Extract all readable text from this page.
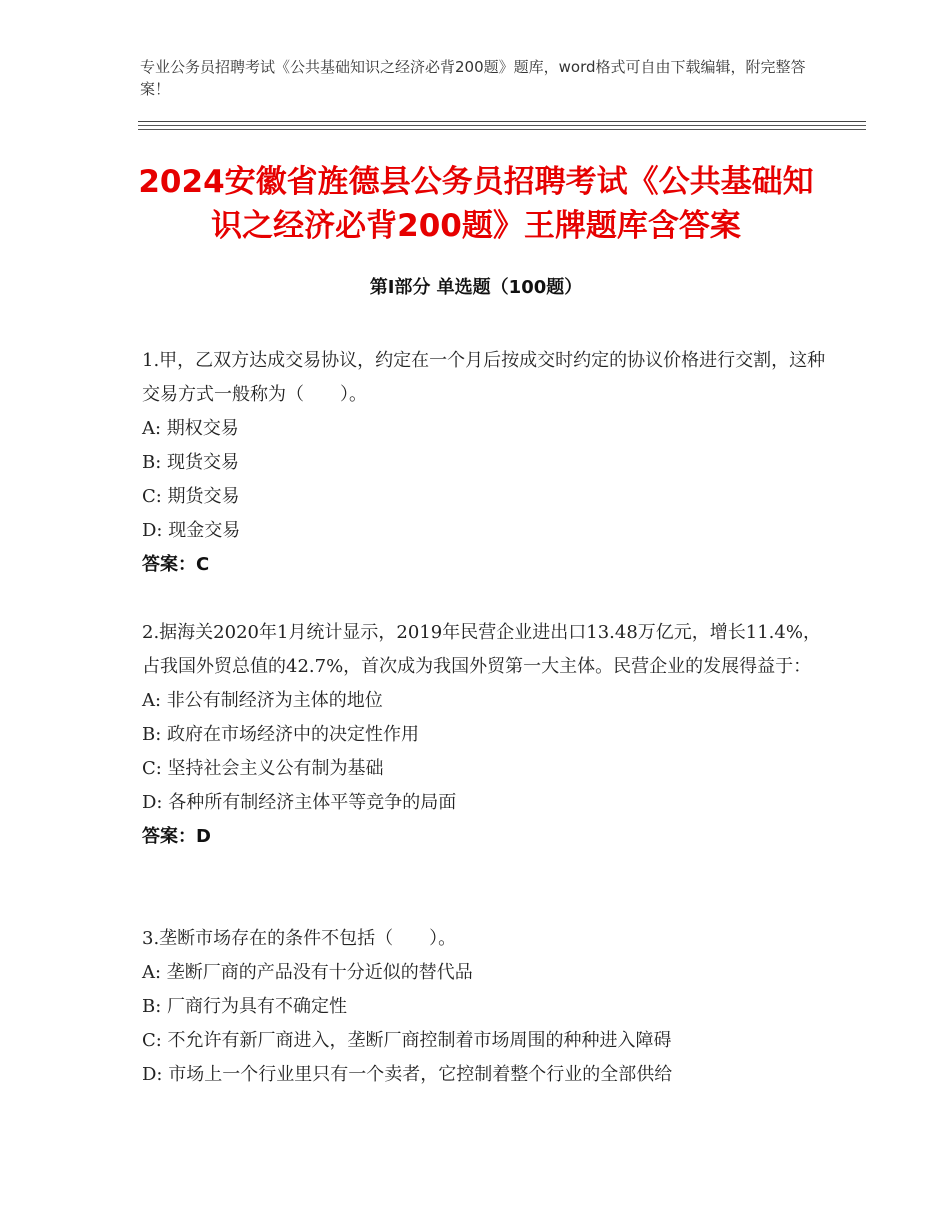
专业公务员招聘考试《公共基础知识之经济必背200题》题库，word格式可自由下载编辑，附完整答案！
2024安徽省旌德县公务员招聘考试《公共基础知识之经济必背200题》王牌题库含答案
第Ⅰ部分 单选题（100题）

1.甲，乙双方达成交易协议，约定在一个月后按成交时约定的协议价格进行交割，这种交易方式一般称为（　　）。

A: 期权交易

B: 现货交易

C: 期货交易

D: 现金交易

答案：C

2.据海关2020年1月统计显示，2019年民营企业进出口13.48万亿元，增长11.4%，占我国外贸总值的42.7%，首次成为我国外贸第一大主体。民营企业的发展得益于：

A: 非公有制经济为主体的地位

B: 政府在市场经济中的决定性作用

C: 坚持社会主义公有制为基础

D: 各种所有制经济主体平等竞争的局面

答案：D

3.垄断市场存在的条件不包括（　　）。

A: 垄断厂商的产品没有十分近似的替代品

B: 厂商行为具有不确定性

C: 不允许有新厂商进入，垄断厂商控制着市场周围的种种进入障碍

D: 市场上一个行业里只有一个卖者，它控制着整个行业的全部供给
